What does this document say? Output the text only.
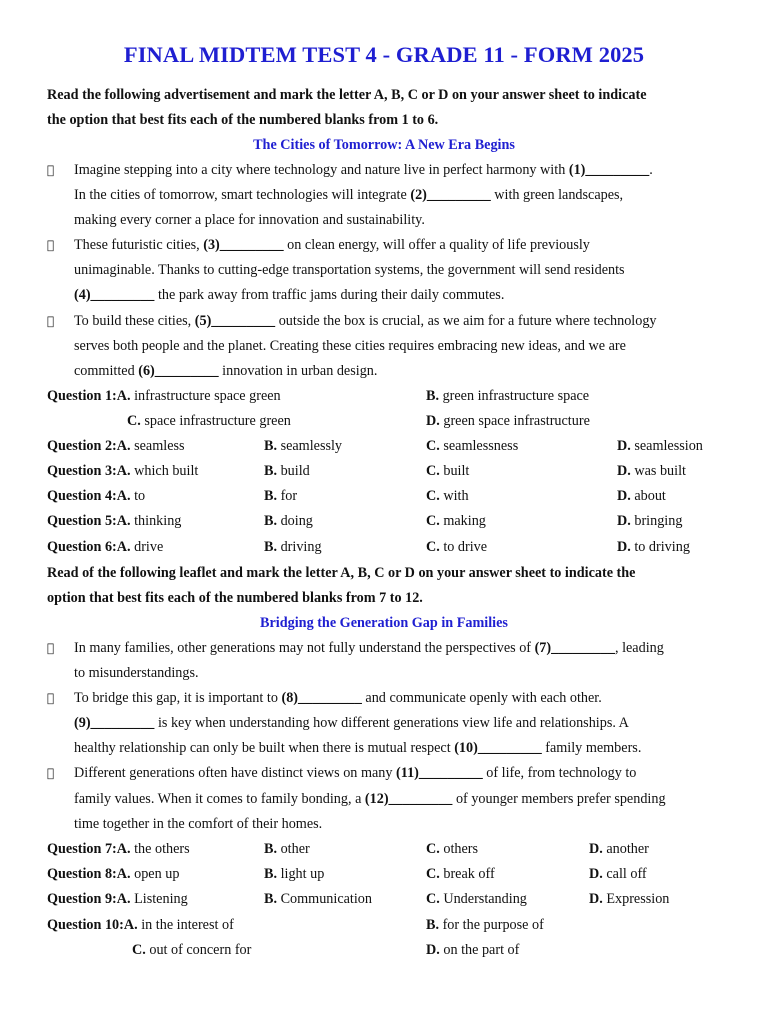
FINAL MIDTEM TEST 4 - GRADE 11 - FORM 2025
Read the following advertisement and mark the letter A, B, C or D on your answer sheet to indicate
the option that best fits each of the numbered blanks from 1 to 6.
The Cities of Tomorrow: A New Era Begins
Imagine stepping into a city where technology and nature live in perfect harmony with (1)_________.
In the cities of tomorrow, smart technologies will integrate (2)_________ with green landscapes,
making every corner a place for innovation and sustainability.
These futuristic cities, (3)_________ on clean energy, will offer a quality of life previously
unimaginable. Thanks to cutting-edge transportation systems, the government will send residents
(4)_________ the park away from traffic jams during their daily commutes.
To build these cities, (5)_________ outside the box is crucial, as we aim for a future where technology
serves both people and the planet. Creating these cities requires embracing new ideas, and we are
committed (6)_________ innovation in urban design.
Question 1:A. infrastructure space green	B. green infrastructure space
C. space infrastructure green	D. green space infrastructure
Question 2:A. seamless	B. seamlessly	C. seamlessness	D. seamlession
Question 3:A. which built	B. build	C. built	D. was built
Question 4:A. to	B. for	C. with	D. about
Question 5:A. thinking	B. doing	C. making	D. bringing
Question 6:A. drive	B. driving	C. to drive	D. to driving
Read of the following leaflet and mark the letter A, B, C or D on your answer sheet to indicate the
option that best fits each of the numbered blanks from 7 to 12.
Bridging the Generation Gap in Families
In many families, other generations may not fully understand the perspectives of (7)_________, leading
to misunderstandings.
To bridge this gap, it is important to (8)_________ and communicate openly with each other.
(9)_________ is key when understanding how different generations view life and relationships. A
healthy relationship can only be built when there is mutual respect (10)_________ family members.
Different generations often have distinct views on many (11)_________ of life, from technology to
family values. When it comes to family bonding, a (12)_________ of younger members prefer spending
time together in the comfort of their homes.
Question 7:A. the others	B. other	C. others	D. another
Question 8:A. open up	B. light up	C. break off	D. call off
Question 9:A. Listening	B. Communication	C. Understanding	D. Expression
Question 10:A. in the interest of	B. for the purpose of
C. out of concern for	D. on the part of
